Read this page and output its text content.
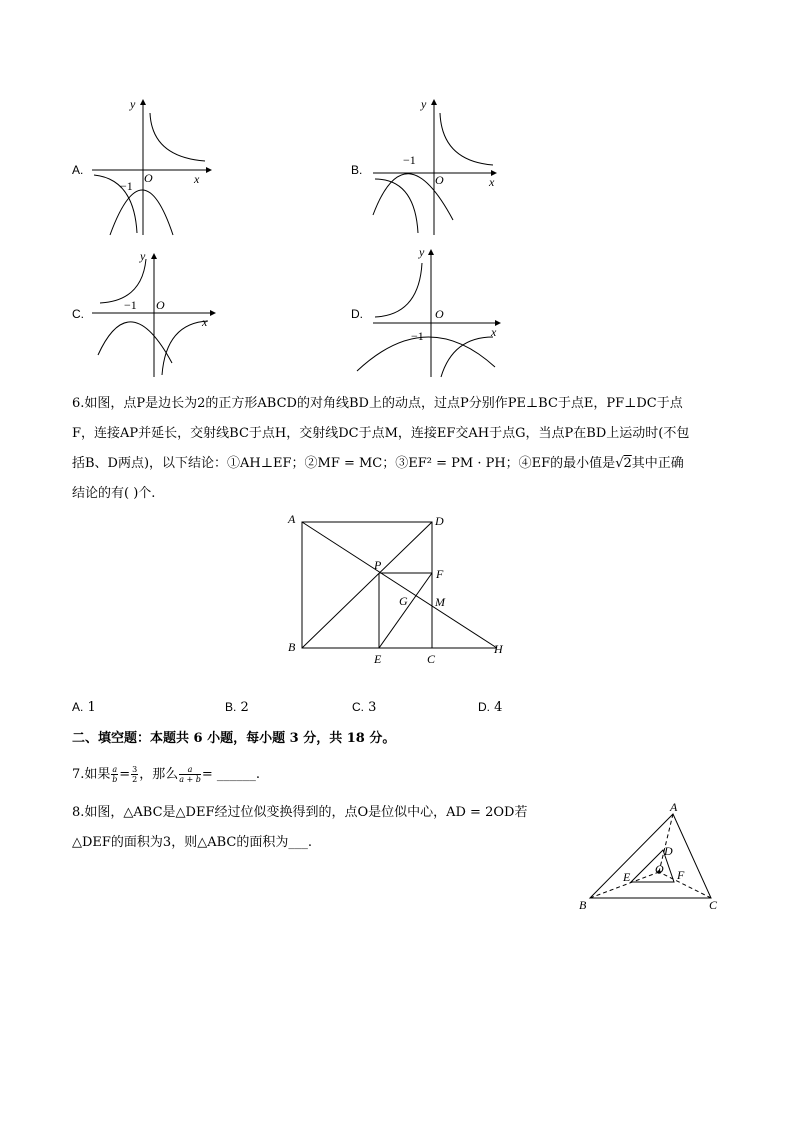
A.
y
x
O
−1
B.
y
x
O
−1
C.
y
x
O
−1
D.
y
x
O
−1
6.如图，点P是边长为2的正方形ABCD的对角线BD上的动点，过点P分别作PE⊥BC于点E，PF⊥DC于点
F，连接AP并延长，交射线BC于点H，交射线DC于点M，连接EF交AH于点G，当点P在BD上运动时(不包
括B、D两点)，以下结论：①AH⊥EF；②MF = MC；③EF² = PM · PH；④EF的最小值是√2其中正确
结论的有( )个.
A	D
P
F
G M
B
E	C
H
A. 1	B. 2	C. 3	D. 4
二、填空题：本题共 6 小题，每小题 3 分，共 18 分。
7.如果 $\frac{a}{b} = \frac{3}{2}$ ，那么 $\frac{a}{a + b}$ = ______.
8.如图，△ABC是△DEF经过位似变换得到的，点O是位似中心，AD = 2OD若
△DEF的面积为3，则△ABC的面积为___.
A
B	C
D
E	F
O
